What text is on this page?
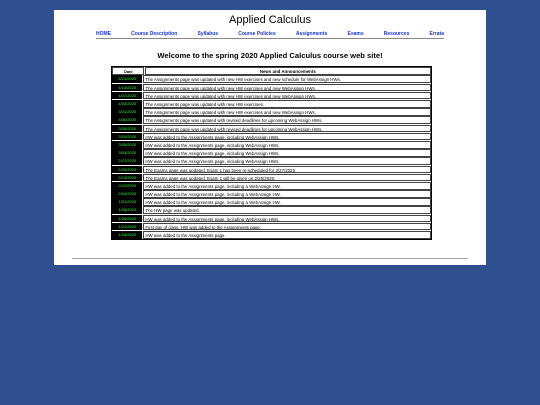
Applied Calculus
HOME	Course Description	Syllabus	Course Policies	Assignments	Exams	Resources	Errata
Welcome to the spring 2020 Applied Calculus course web site!
Date	News and Announcements
5/21/2020	The Assignments page was updated with new HW exercises and new schedule for WebAssign HWs.
4/14/2020	The Assignments page was updated with new HW exercises and new WebAssign HWs.
4/07/2020	The Assignments page was updated with new HW exercises and new WebAssign HWs.
4/03/2020	The Assignments page was updated with new HW exercises.
3/31/2020	The Assignments page was updated with new HW exercises and new WebAssign HWs.
3/30/2020	The Assignments page was updated with revised deadlines for upcoming WebAssign HWs.
3/20/2020	The Assignments page was updated with revised deadlines for upcoming WebAssign HWs.
3/10/2020	HW was added to the Assignments page, including WebAssign HWs.
3/05/2020	HW was added to the Assignments page, including WebAssign HWs.
3/03/2020	HW was added to the Assignments page, including WebAssign HWs.
2/27/2020	HW was added to the Assignments page, including WebAssign HWs.
2/20/2020	The Exams page was updated. Exam 1 has been re-scheduled for 2/27/2020.
2/13/2020	The Exams page was updated. Exam 1 will be given on 2/25/2020.
2/11/2020	HW was added to the Assignments page, including a WebAssign HW.
2/04/2020	HW was added to the Assignments page, including a WebAssign HW.
1/31/2020	HW was added to the Assignments page, including a WebAssign HW.
1/28/2020	The HW page was updated.
1/26/2020	HW was added to the Assignments page, including WebAssign HWs.
1/21/2020	First day of class. HW was added to the Assignments page.
1/16/2020	HW was added to the Assignments page.
